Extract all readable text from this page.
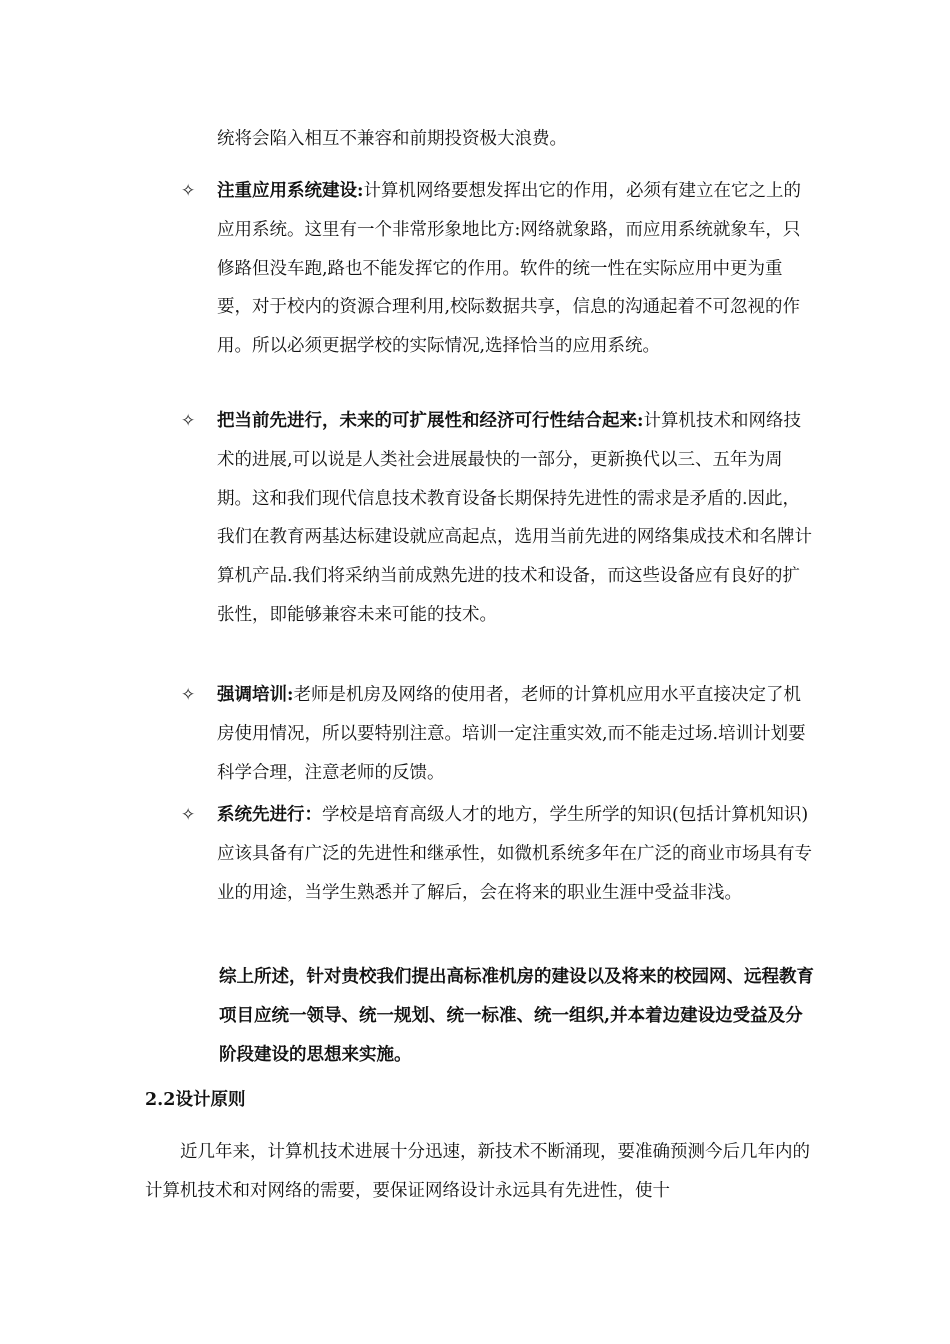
统将会陷入相互不兼容和前期投资极大浪费。

✧ 注重应用系统建设:计算机网络要想发挥出它的作用，必须有建立在它之上的应用系统。这里有一个非常形象地比方:网络就象路，而应用系统就象车，只修路但没车跑,路也不能发挥它的作用。软件的统一性在实际应用中更为重要，对于校内的资源合理利用,校际数据共享，信息的沟通起着不可忽视的作用。所以必须更据学校的实际情况,选择恰当的应用系统。
✧ 把当前先进行，未来的可扩展性和经济可行性结合起来:计算机技术和网络技术的进展,可以说是人类社会进展最快的一部分，更新换代以三、五年为周期。这和我们现代信息技术教育设备长期保持先进性的需求是矛盾的.因此，我们在教育两基达标建设就应高起点，选用当前先进的网络集成技术和名牌计算机产品.我们将采纳当前成熟先进的技术和设备，而这些设备应有良好的扩张性，即能够兼容未来可能的技术。
✧ 强调培训:老师是机房及网络的使用者，老师的计算机应用水平直接决定了机房使用情况，所以要特别注意。培训一定注重实效,而不能走过场.培训计划要科学合理，注意老师的反馈。
✧ 系统先进行：学校是培育高级人才的地方，学生所学的知识(包括计算机知识)应该具备有广泛的先进性和继承性，如微机系统多年在广泛的商业市场具有专业的用途，当学生熟悉并了解后，会在将来的职业生涯中受益非浅。

综上所述，针对贵校我们提出高标准机房的建设以及将来的校园网、远程教育项目应统一领导、统一规划、统一标准、统一组织,并本着边建设边受益及分阶段建设的思想来实施。

2.2设计原则

近几年来，计算机技术进展十分迅速，新技术不断涌现，要准确预测今后几年内的计算机技术和对网络的需要，要保证网络设计永远具有先进性，使十
